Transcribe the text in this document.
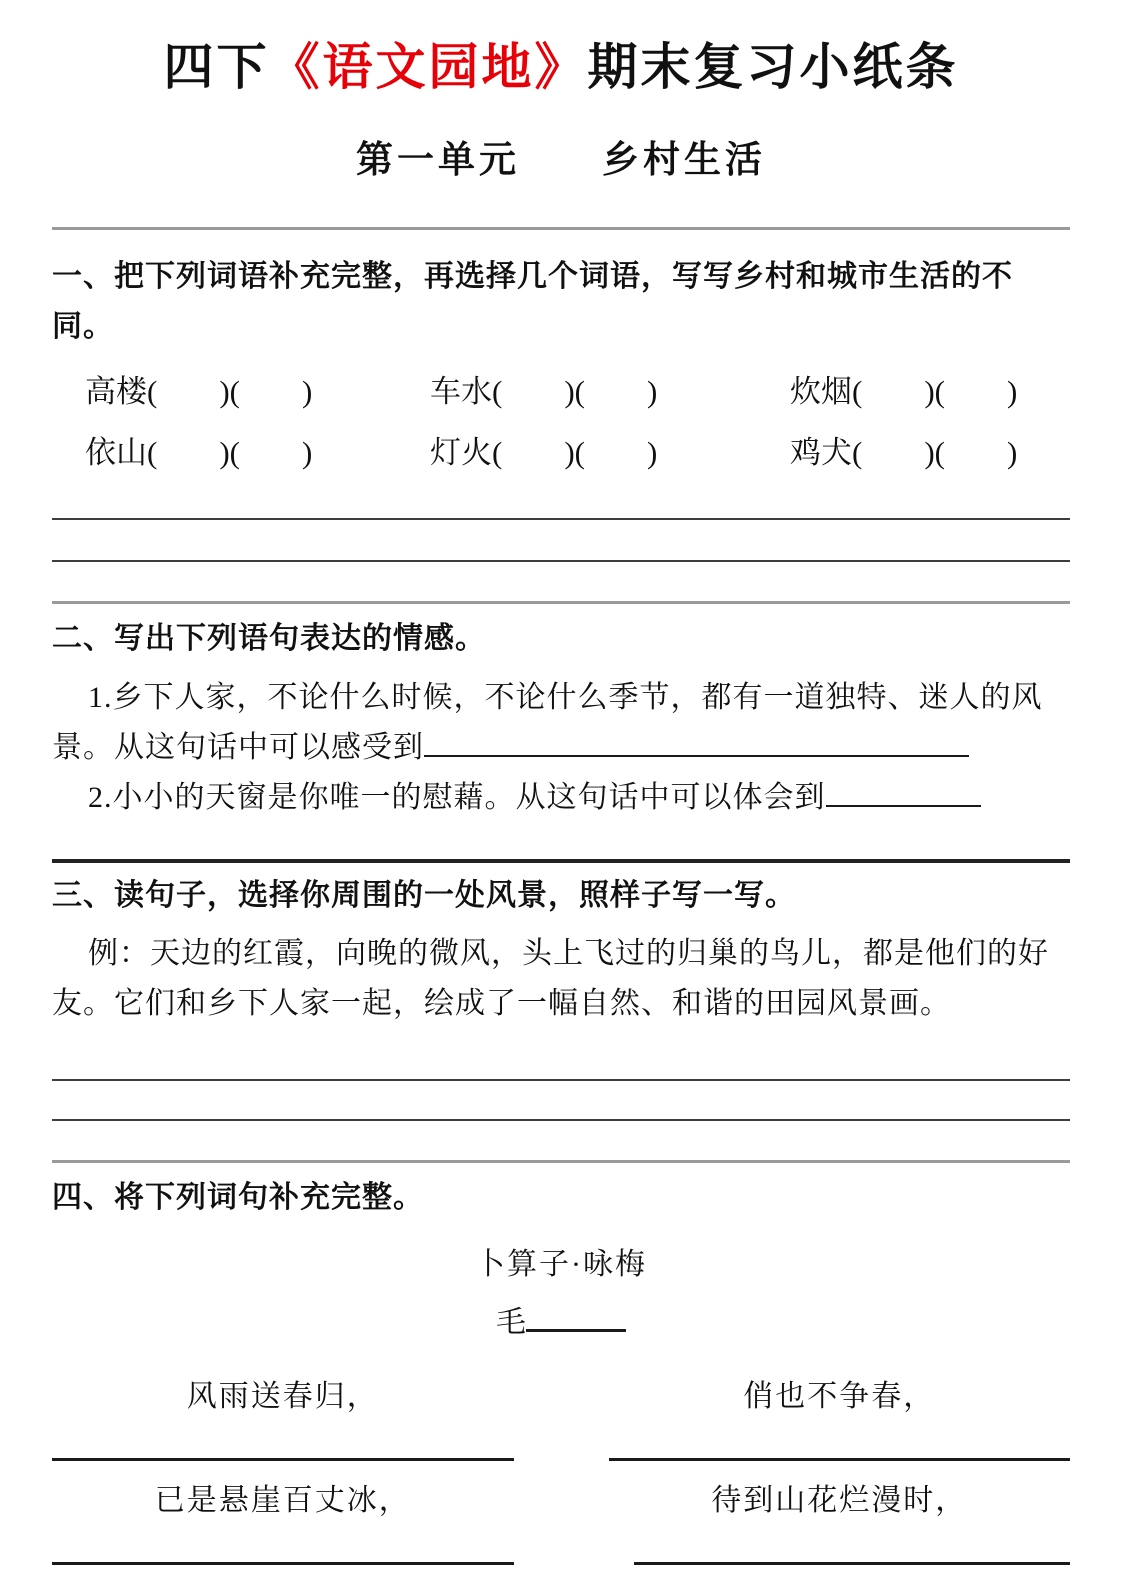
四下《语文园地》期末复习小纸条
第一单元　　乡村生活
一、把下列词语补充完整，再选择几个词语，写写乡村和城市生活的不同。
高楼(　　)(　　)	车水(　　)(　　)	炊烟(　　)(　　)
依山(　　)(　　)	灯火(　　)(　　)	鸡犬(　　)(　　)
二、写出下列语句表达的情感。
1.乡下人家，不论什么时候，不论什么季节，都有一道独特、迷人的风景。从这句话中可以感受到
2.小小的天窗是你唯一的慰藉。从这句话中可以体会到
三、读句子，选择你周围的一处风景，照样子写一写。
例：天边的红霞，向晚的微风，头上飞过的归巢的鸟儿，都是他们的好友。它们和乡下人家一起，绘成了一幅自然、和谐的田园风景画。
四、将下列词句补充完整。
卜算子·咏梅
毛
风雨送春归，	俏也不争春，
已是悬崖百丈冰，	待到山花烂漫时，
